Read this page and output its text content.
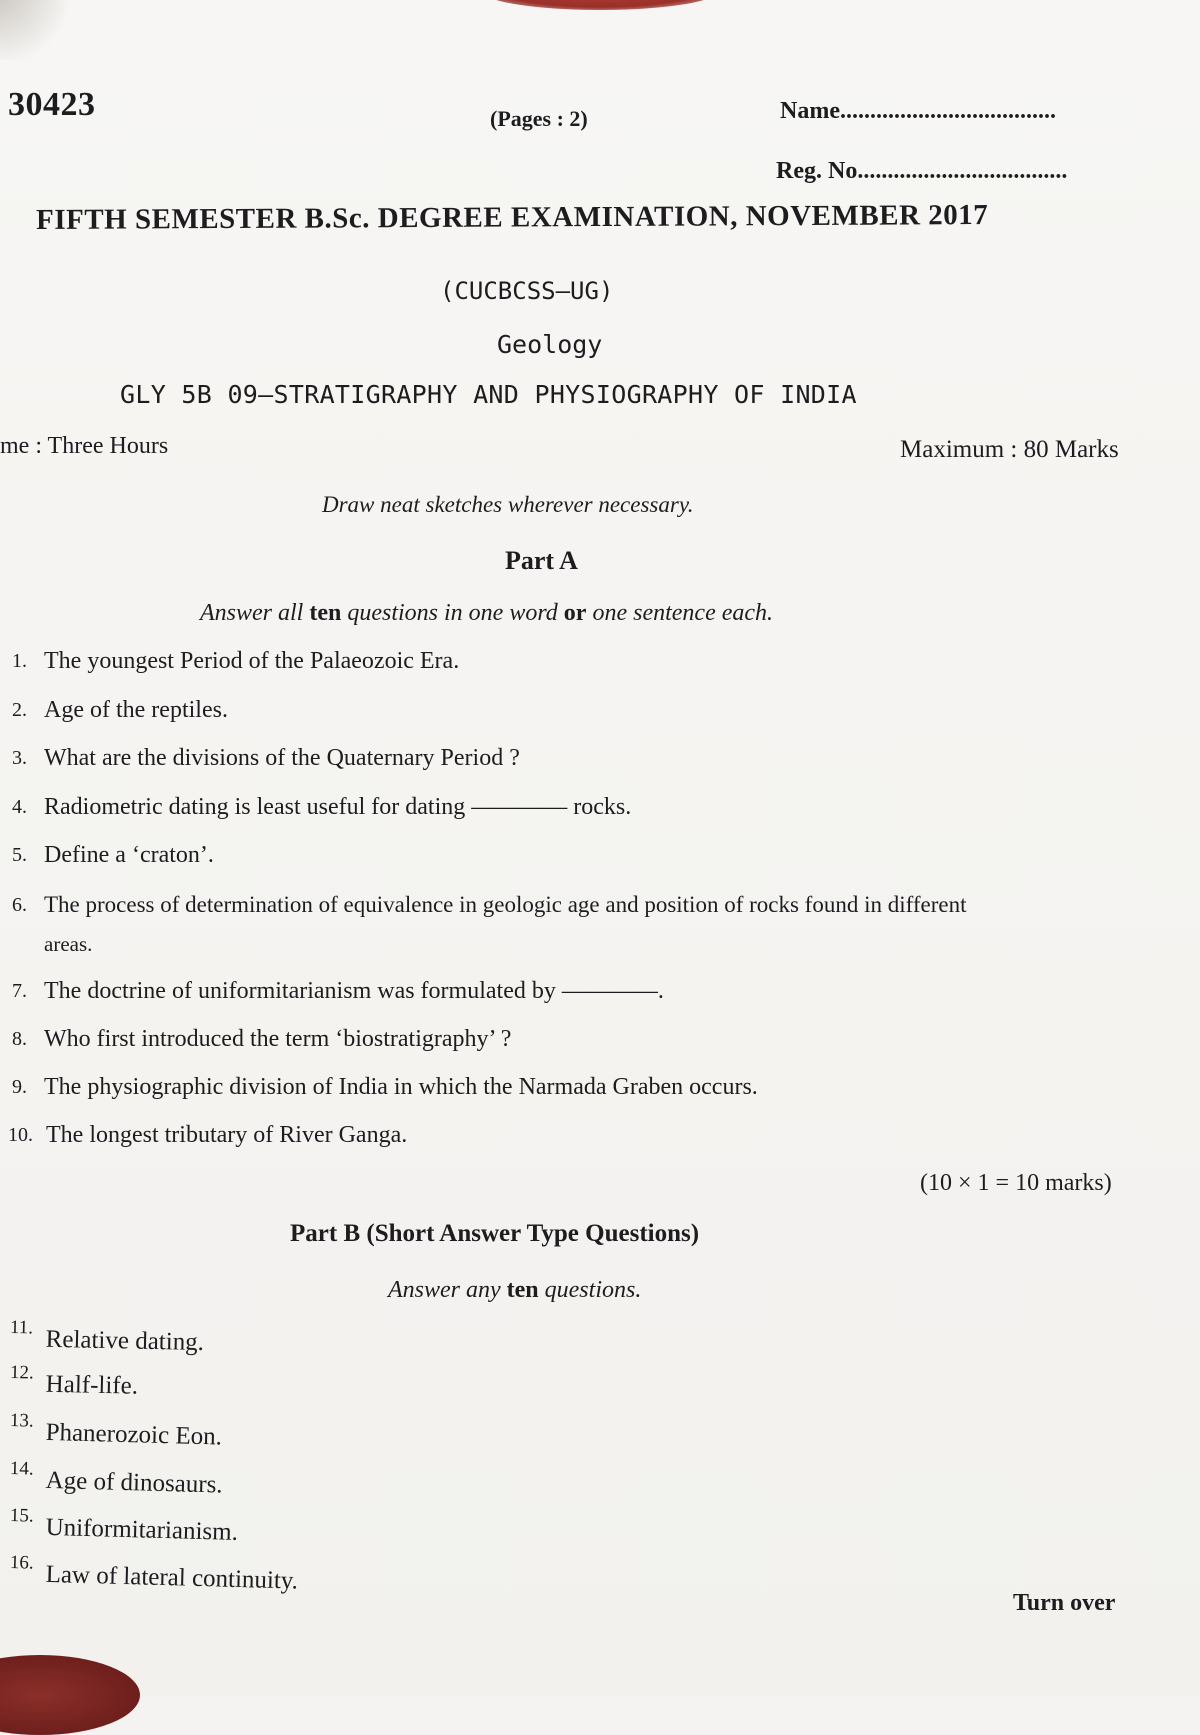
30423	(Pages : 2)	Name....................................
Reg. No...................................
FIFTH SEMESTER B.Sc. DEGREE EXAMINATION, NOVEMBER 2017
(CUCBCSS—UG)
Geology
GLY 5B 09—STRATIGRAPHY AND PHYSIOGRAPHY OF INDIA
me : Three Hours	Maximum : 80 Marks
Draw neat sketches wherever necessary.
Part A
Answer all ten questions in one word or one sentence each.
1. The youngest Period of the Palaeozoic Era.
2. Age of the reptiles.
3. What are the divisions of the Quaternary Period ?
4. Radiometric dating is least useful for dating ———— rocks.
5. Define a ‘craton’.
6. The process of determination of equivalence in geologic age and position of rocks found in different
areas.
7. The doctrine of uniformitarianism was formulated by ————.
8. Who first introduced the term ‘biostratigraphy’ ?
9. The physiographic division of India in which the Narmada Graben occurs.
10. The longest tributary of River Ganga.
(10 × 1 = 10 marks)
Part B (Short Answer Type Questions)
Answer any ten questions.
11. Relative dating.
12. Half-life.
13. Phanerozoic Eon.
14. Age of dinosaurs.
15. Uniformitarianism.
16. Law of lateral continuity.
Turn over
